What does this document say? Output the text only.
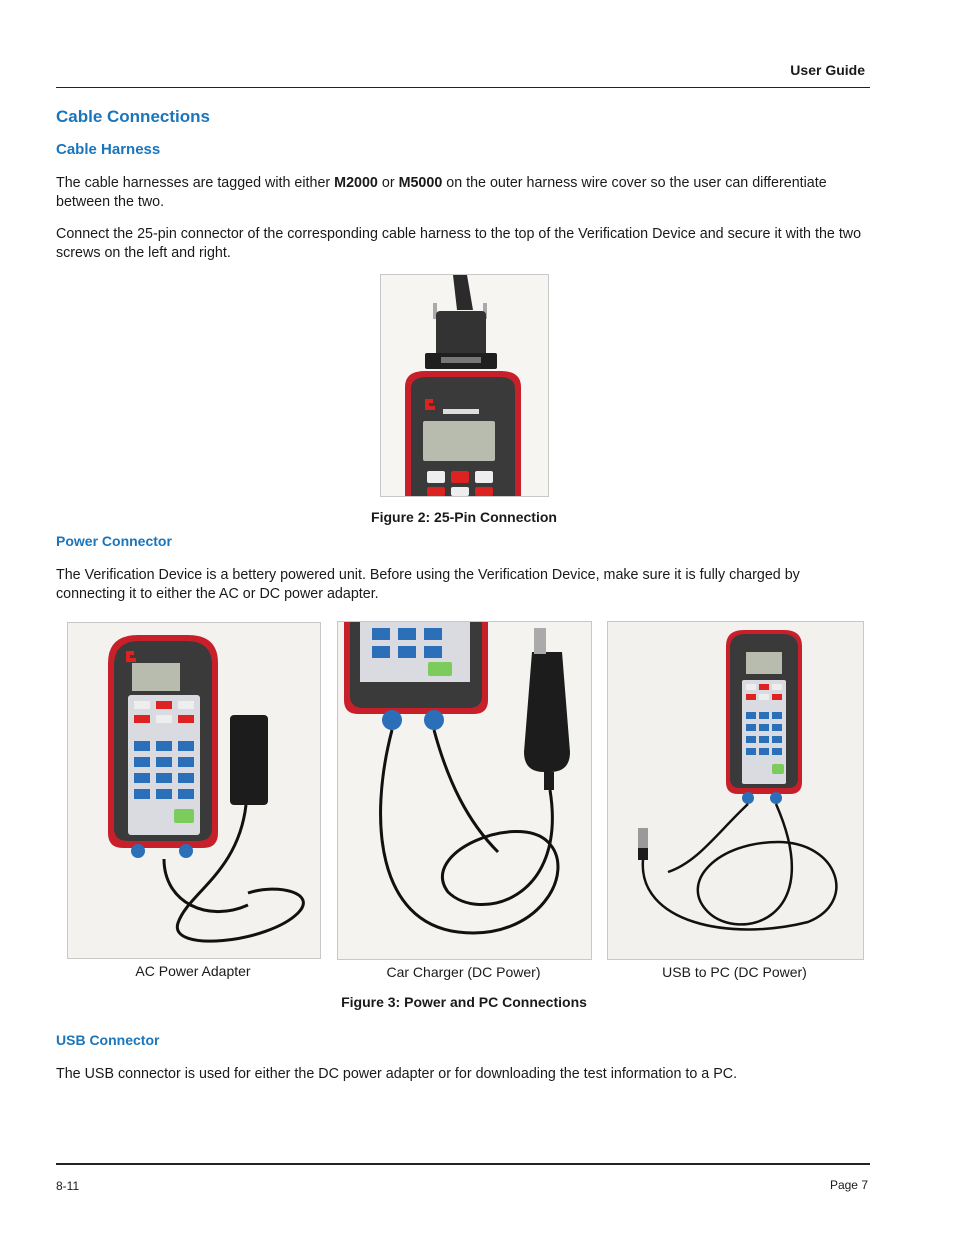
User Guide
Cable Connections
Cable Harness
The cable harnesses are tagged with either M2000 or M5000 on the outer harness wire cover so the user can differentiate between the two.
Connect the 25-pin connector of the corresponding cable harness to the top of the Verification Device and secure it with the two screws on the left and right.
Figure 2: 25-Pin Connection
Power Connector
The Verification Device is a bettery powered unit. Before using the Verification Device, make sure it is fully charged by connecting it to either the AC or DC power adapter.
AC Power Adapter	Car Charger (DC Power)	USB to PC (DC Power)
Figure 3: Power and PC Connections
USB Connector
The USB connector is used for either the DC power adapter or for downloading the test information to a PC.
8-11	Page 7
